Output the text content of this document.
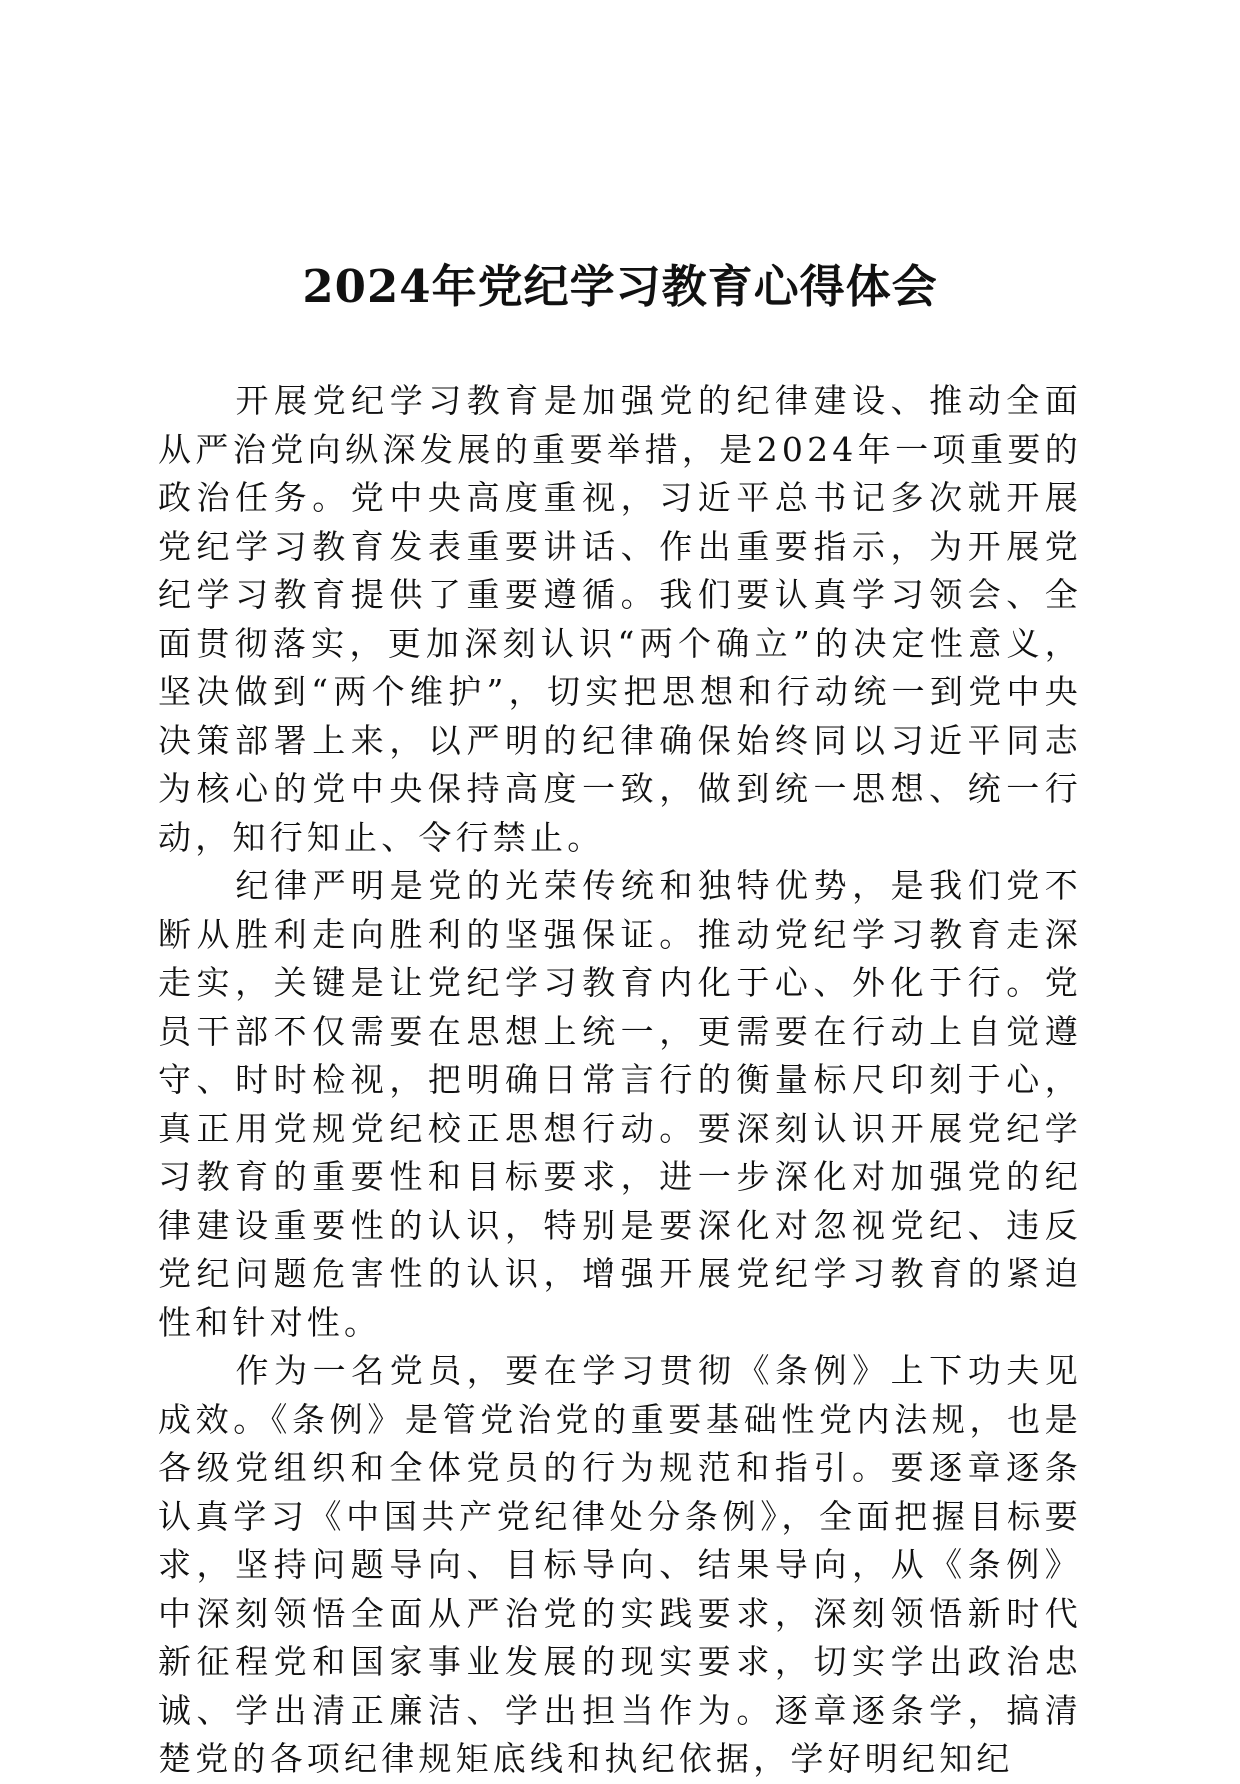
2024年党纪学习教育心得体会

开展党纪学习教育是加强党的纪律建设、推动全面从严治党向纵深发展的重要举措，是2024年一项重要的政治任务。党中央高度重视，习近平总书记多次就开展党纪学习教育发表重要讲话、作出重要指示，为开展党纪学习教育提供了重要遵循。我们要认真学习领会、全面贯彻落实，更加深刻认识“两个确立”的决定性意义，坚决做到“两个维护”，切实把思想和行动统一到党中央决策部署上来，以严明的纪律确保始终同以习近平同志为核心的党中央保持高度一致，做到统一思想、统一行动，知行知止、令行禁止。

纪律严明是党的光荣传统和独特优势，是我们党不断从胜利走向胜利的坚强保证。推动党纪学习教育走深走实，关键是让党纪学习教育内化于心、外化于行。党员干部不仅需要在思想上统一，更需要在行动上自觉遵守、时时检视，把明确日常言行的衡量标尺印刻于心，真正用党规党纪校正思想行动。要深刻认识开展党纪学习教育的重要性和目标要求，进一步深化对加强党的纪律建设重要性的认识，特别是要深化对忽视党纪、违反党纪问题危害性的认识，增强开展党纪学习教育的紧迫性和针对性。

作为一名党员，要在学习贯彻《条例》上下功夫见成效。《条例》是管党治党的重要基础性党内法规，也是各级党组织和全体党员的行为规范和指引。要逐章逐条认真学习《中国共产党纪律处分条例》，全面把握目标要求，坚持问题导向、目标导向、结果导向，从《条例》中深刻领悟全面从严治党的实践要求，深刻领悟新时代新征程党和国家事业发展的现实要求，切实学出政治忠诚、学出清正廉洁、学出担当作为。逐章逐条学，搞清楚党的各项纪律规矩底线和执纪依据，学好明纪知纪
